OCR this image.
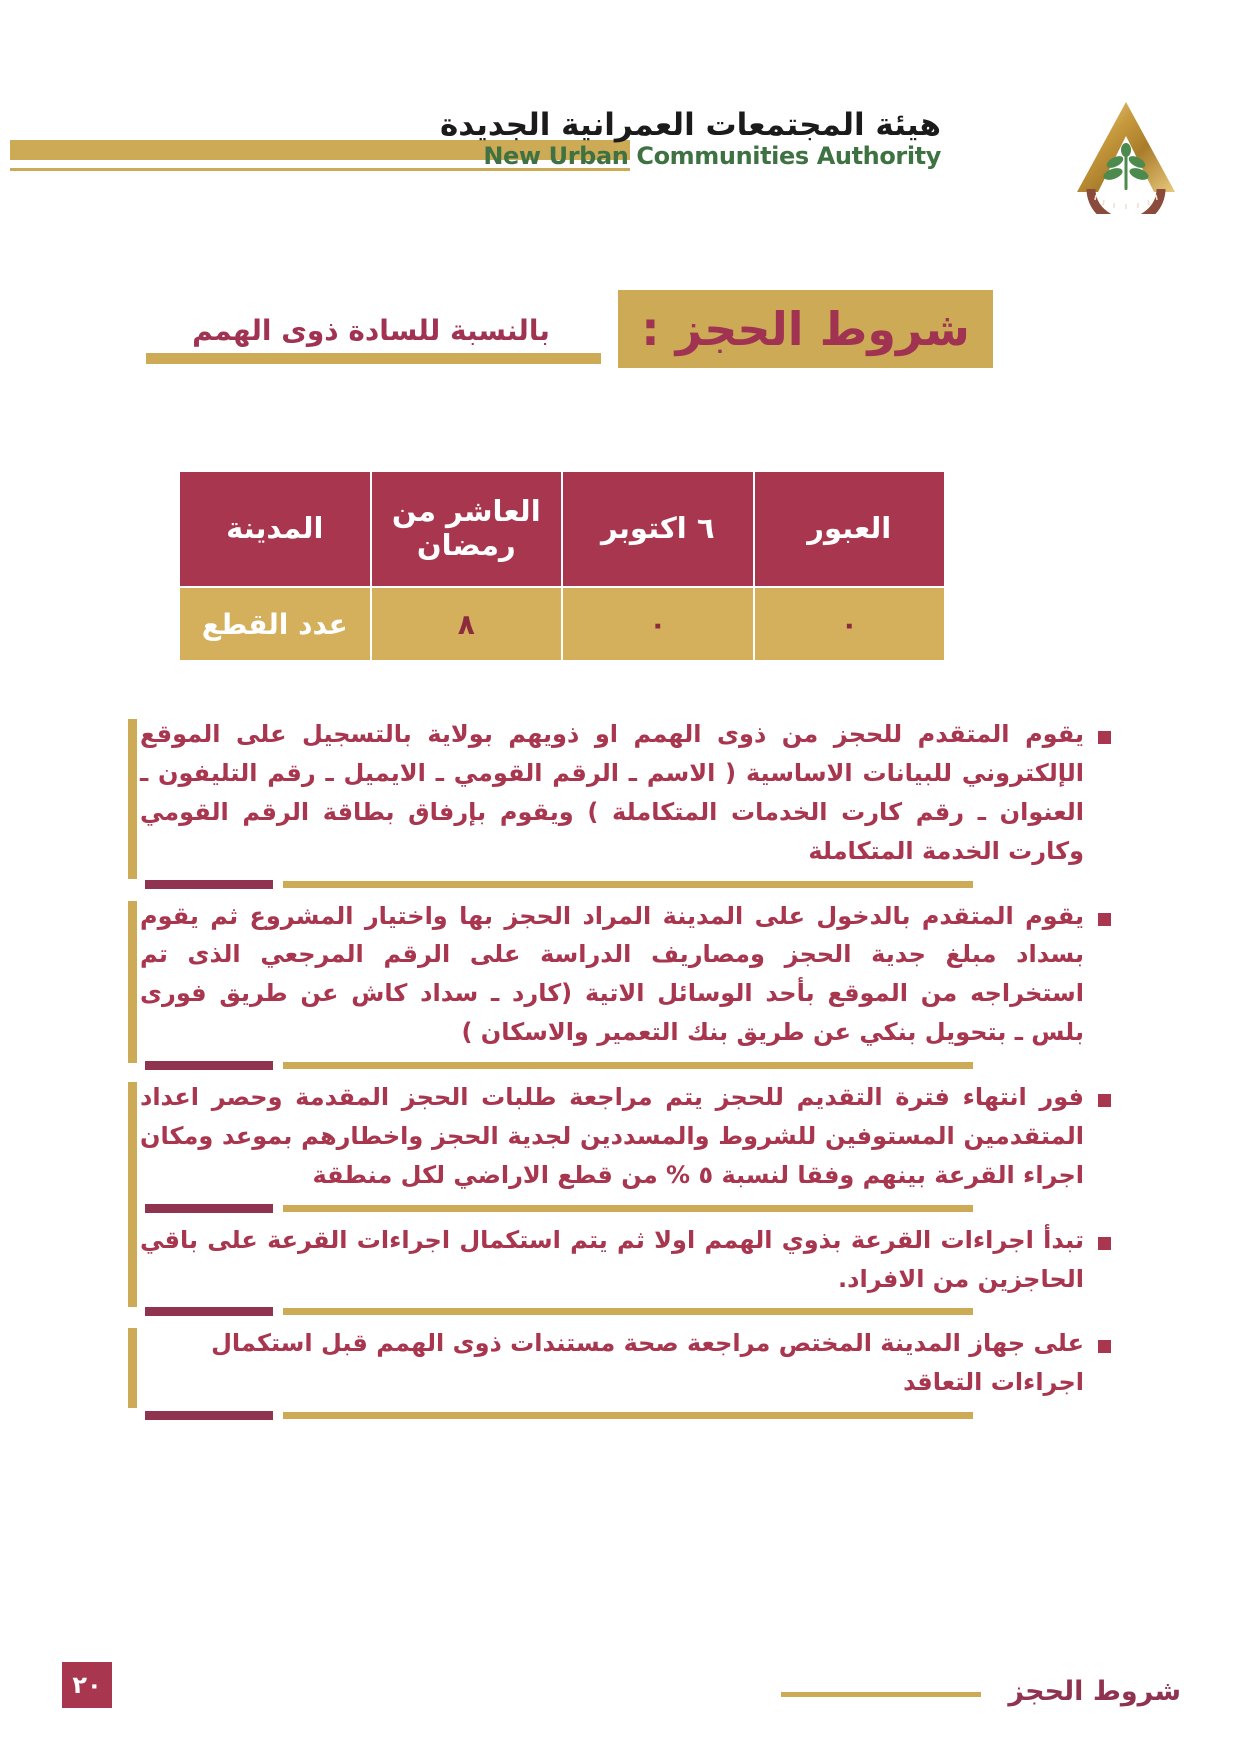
هيئة المجتمعات العمرانية الجديدة
New Urban Communities Authority
شروط الحجز :
بالنسبة للسادة ذوى الهمم
العبور	٦ اكتوبر	العاشر من رمضان	المدينة
٠	٠	٨	عدد القطع
يقوم المتقدم للحجز من ذوى الهمم او ذويهم بولاية بالتسجيل على الموقع الإلكتروني للبيانات الاساسية ( الاسم ـ الرقم القومي ـ الايميل ـ رقم التليفون ـ العنوان ـ رقم كارت الخدمات المتكاملة ) ويقوم بإرفاق بطاقة الرقم القومي وكارت الخدمة المتكاملة
يقوم المتقدم بالدخول على المدينة المراد الحجز بها واختيار المشروع ثم يقوم بسداد مبلغ جدية الحجز ومصاريف الدراسة على الرقم المرجعي الذى تم استخراجه من الموقع بأحد الوسائل الاتية (كارد ـ سداد كاش عن طريق فورى بلس ـ بتحويل بنكي عن طريق بنك التعمير والاسكان )
فور انتهاء فترة التقديم للحجز يتم مراجعة طلبات الحجز المقدمة وحصر اعداد المتقدمين المستوفين للشروط والمسددين لجدية الحجز واخطارهم بموعد ومكان اجراء القرعة بينهم وفقا لنسبة ٥ % من قطع الاراضي لكل منطقة
تبدأ اجراءات القرعة بذوي الهمم اولا ثم يتم استكمال اجراءات القرعة على باقي الحاجزين من الافراد.
على جهاز المدينة المختص مراجعة صحة مستندات ذوى الهمم قبل استكمال اجراءات التعاقد
شروط الحجز
٢٠
